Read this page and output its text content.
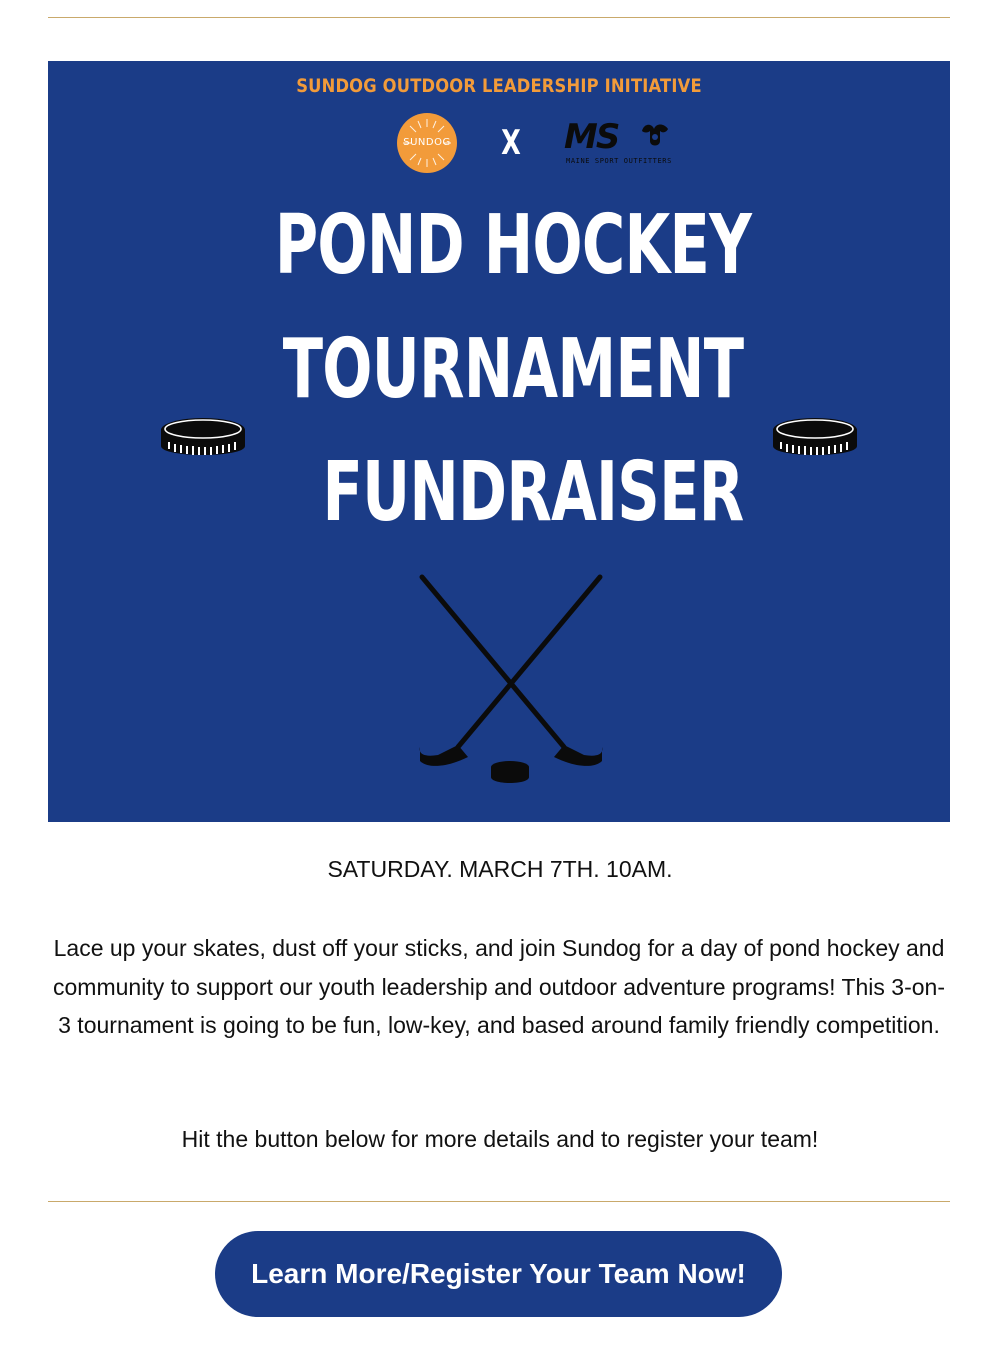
SUNDOG OUTDOOR LEADERSHIP INITIATIVE
SUNDOG X MS
MAINE SPORT OUTFITTERS
POND HOCKEY
TOURNAMENT
FUNDRAISER
SATURDAY. MARCH 7TH. 10AM.
Lace up your skates, dust off your sticks, and join Sundog for a day of pond hockey and community to support our youth leadership and outdoor adventure programs! This 3-on-3 tournament is going to be fun, low-key, and based around family friendly competition.
Hit the button below for more details and to register your team!
Learn More/Register Your Team Now!
